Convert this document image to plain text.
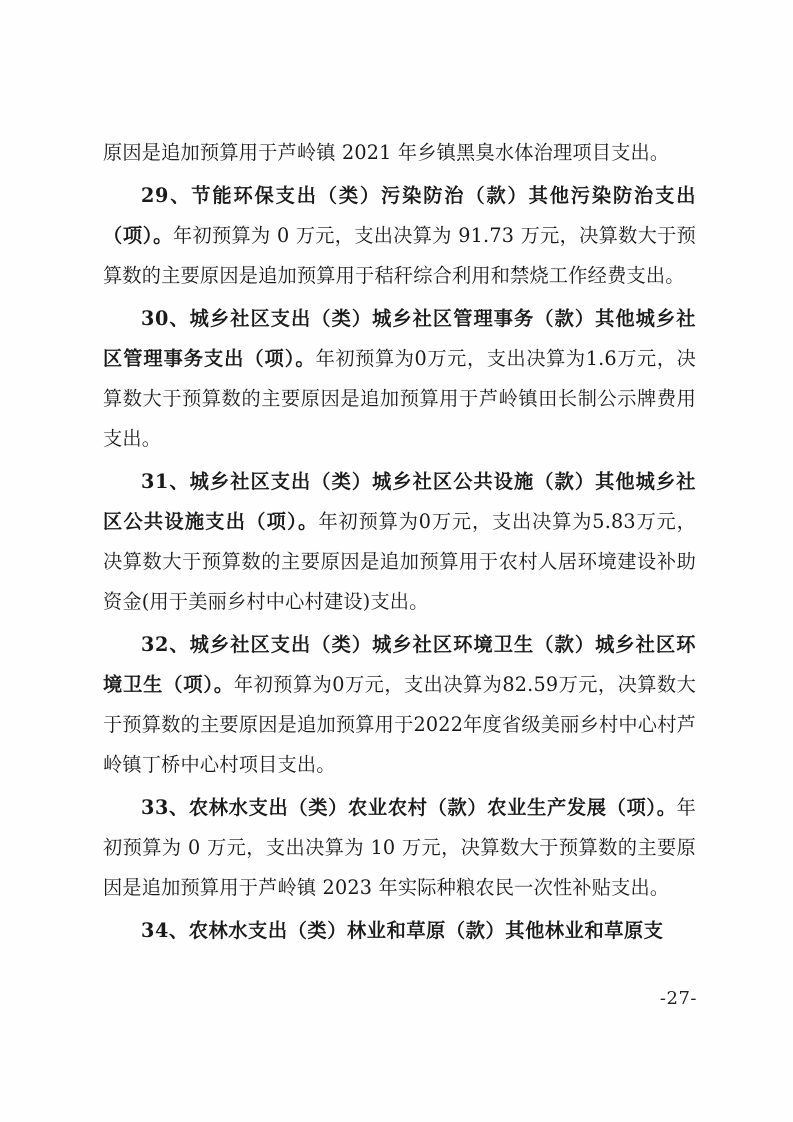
原因是追加预算用于芦岭镇 2021 年乡镇黑臭水体治理项目支出。

29、节能环保支出（类）污染防治（款）其他污染防治支出（项）。年初预算为 0 万元，支出决算为 91.73 万元，决算数大于预算数的主要原因是追加预算用于秸秆综合利用和禁烧工作经费支出。

30、城乡社区支出（类）城乡社区管理事务（款）其他城乡社区管理事务支出（项）。年初预算为0万元，支出决算为1.6万元，决算数大于预算数的主要原因是追加预算用于芦岭镇田长制公示牌费用支出。

31、城乡社区支出（类）城乡社区公共设施（款）其他城乡社区公共设施支出（项）。年初预算为0万元，支出决算为5.83万元，决算数大于预算数的主要原因是追加预算用于农村人居环境建设补助资金(用于美丽乡村中心村建设)支出。

32、城乡社区支出（类）城乡社区环境卫生（款）城乡社区环境卫生（项）。年初预算为0万元，支出决算为82.59万元，决算数大于预算数的主要原因是追加预算用于2022年度省级美丽乡村中心村芦岭镇丁桥中心村项目支出。

33、农林水支出（类）农业农村（款）农业生产发展（项）。年初预算为 0 万元，支出决算为 10 万元，决算数大于预算数的主要原因是追加预算用于芦岭镇 2023 年实际种粮农民一次性补贴支出。

34、农林水支出（类）林业和草原（款）其他林业和草原支

-27-
